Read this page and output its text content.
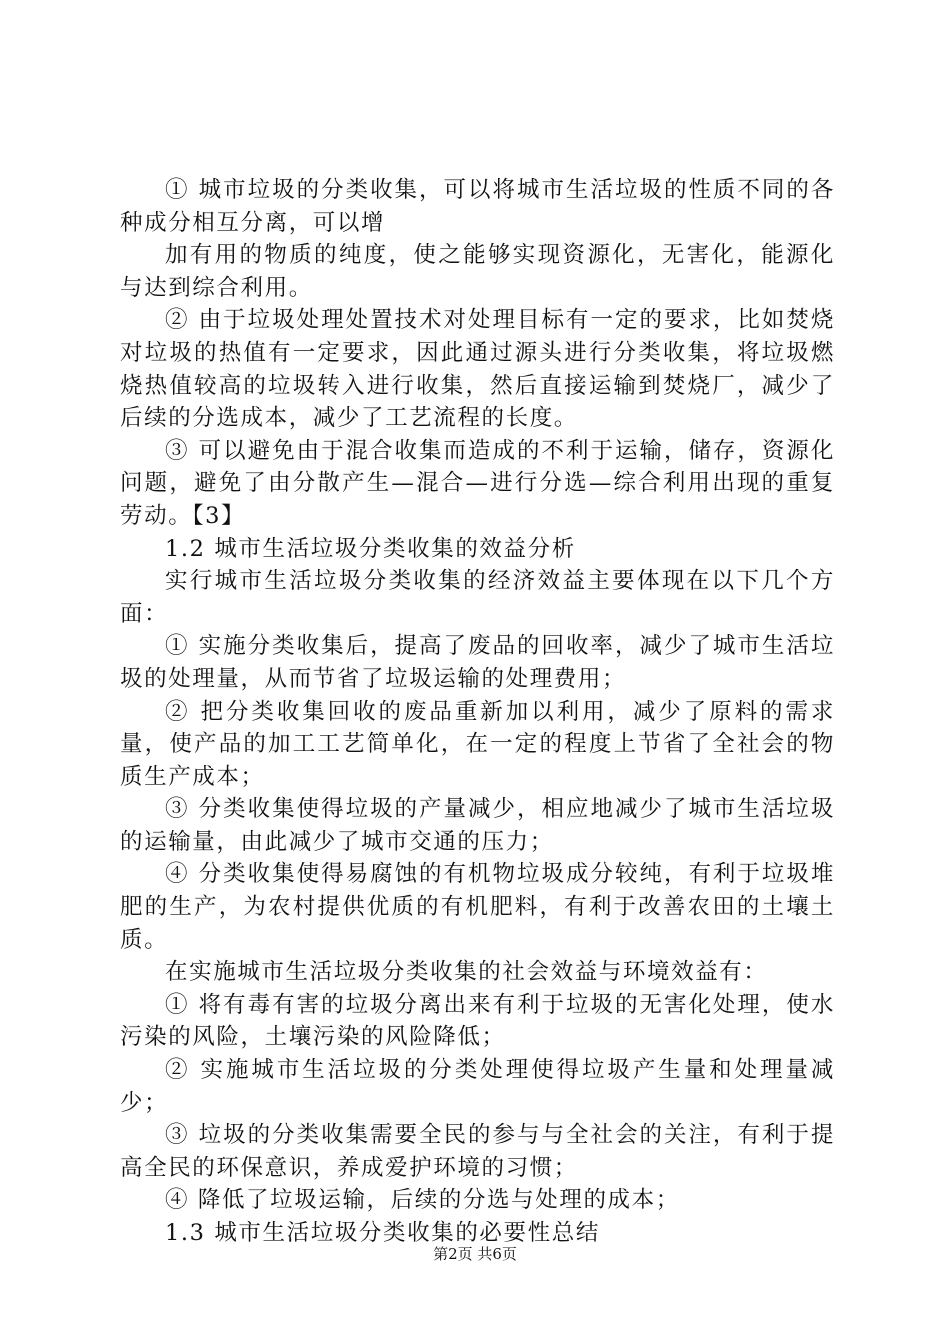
① 城市垃圾的分类收集，可以将城市生活垃圾的性质不同的各种成分相互分离，可以增

加有用的物质的纯度，使之能够实现资源化，无害化，能源化与达到综合利用。

② 由于垃圾处理处置技术对处理目标有一定的要求，比如焚烧对垃圾的热值有一定要求，因此通过源头进行分类收集，将垃圾燃烧热值较高的垃圾转入进行收集，然后直接运输到焚烧厂，减少了后续的分选成本，减少了工艺流程的长度。

③ 可以避免由于混合收集而造成的不利于运输，储存，资源化问题，避免了由分散产生—混合—进行分选—综合利用出现的重复劳动。【3】

1.2 城市生活垃圾分类收集的效益分析

实行城市生活垃圾分类收集的经济效益主要体现在以下几个方面：

① 实施分类收集后，提高了废品的回收率，减少了城市生活垃圾的处理量，从而节省了垃圾运输的处理费用；

② 把分类收集回收的废品重新加以利用，减少了原料的需求量，使产品的加工工艺简单化，在一定的程度上节省了全社会的物质生产成本；

③ 分类收集使得垃圾的产量减少，相应地减少了城市生活垃圾的运输量，由此减少了城市交通的压力；

④ 分类收集使得易腐蚀的有机物垃圾成分较纯，有利于垃圾堆肥的生产，为农村提供优质的有机肥料，有利于改善农田的土壤土质。

在实施城市生活垃圾分类收集的社会效益与环境效益有：

① 将有毒有害的垃圾分离出来有利于垃圾的无害化处理，使水污染的风险，土壤污染的风险降低；

② 实施城市生活垃圾的分类处理使得垃圾产生量和处理量减少；

③ 垃圾的分类收集需要全民的参与与全社会的关注，有利于提高全民的环保意识，养成爱护环境的习惯；

④ 降低了垃圾运输，后续的分选与处理的成本；

1.3 城市生活垃圾分类收集的必要性总结

第2页 共6页
